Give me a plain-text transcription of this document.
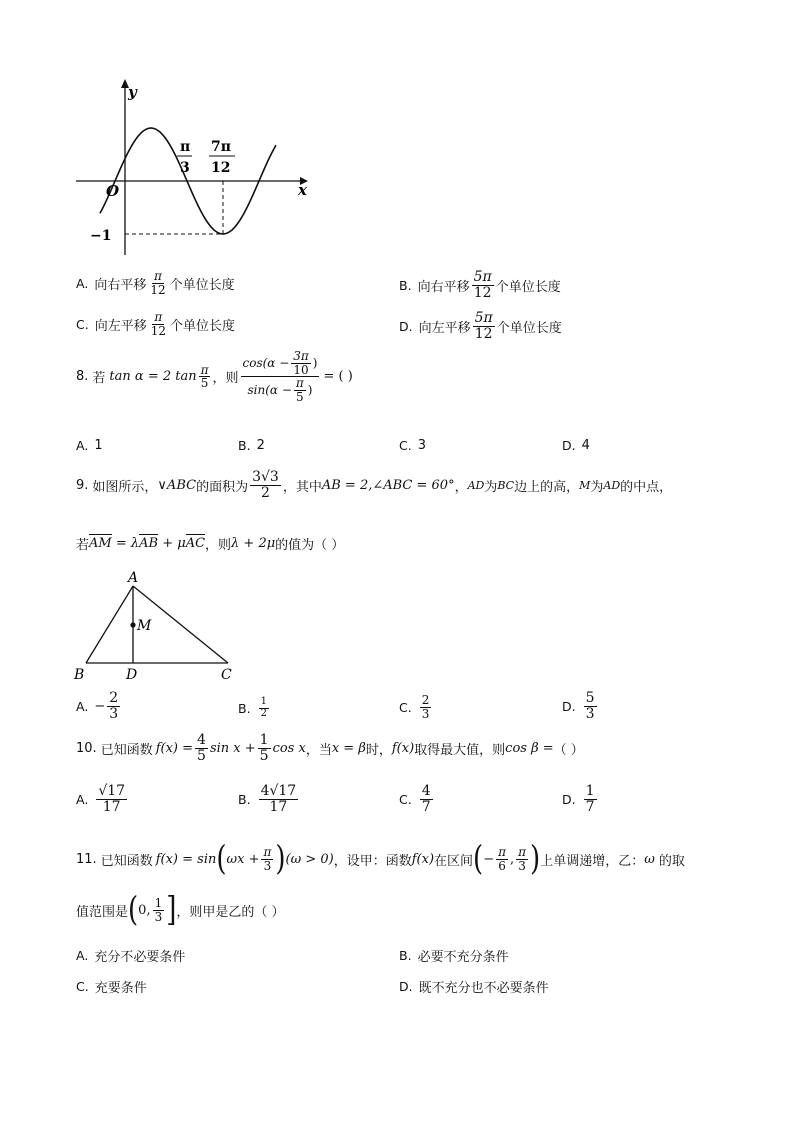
y
x
O
π
3
7π
12
−1
A. 向右平移 $\frac{\pi}{12}$ 个单位长度	B. 向右平移 $\frac{5\pi}{12}$ 个单位长度
C. 向左平移 $\frac{\pi}{12}$ 个单位长度	D. 向左平移 $\frac{5\pi}{12}$ 个单位长度
8. 若 tan α = 2 $\tan \frac{\pi}{5}$ ，则 $\frac{\cos(\alpha - \frac{3\pi}{10} )}{\sin(\alpha - \frac{\pi}{5} )}$ = ( )
A. 1	B. 2	C. 3	D. 4
9. 如图所示， ∨ABC 的面积为 $\frac{3√3}{2}$ ，其中 AB = 2,∠ABC = 60° ， AD 为 BC 边上的高， M 为 AD 的中点，
若 AM = λ AB + μ AC ，则 λ + 2μ 的值为（ ）
A
M
B	D	C
A. − $\frac{2}{3}$	B. $\frac{1}{2}$	C. $\frac{2}{3}$	D. $\frac{5}{3}$
10. 已知函数 $f(x) = \frac{4}{5}$ $\sin x + \frac{1}{5}$ cos x ，当 x = β 时， f(x) 取得最大值，则 cos β = （ ）
A. $\frac{√17}{17}$	B. $\frac{4√17}{17}$	C. $\frac{4}{7}$	D. $\frac{1}{7}$
11. 已知函数 f(x) = sin ( $\omega x + \frac{\pi}{3}$ ) (ω > 0) ，设甲：函数 f(x) 在区间 ( − $\frac{\pi}{6}$ , $\frac{\pi}{3}$ ) 上单调递增，乙： ω 的取
值范围是 ( 0, $\frac{1}{3}$ ] ，则甲是乙的（ ）
A. 充分不必要条件	B. 必要不充分条件
C. 充要条件	D. 既不充分也不必要条件
